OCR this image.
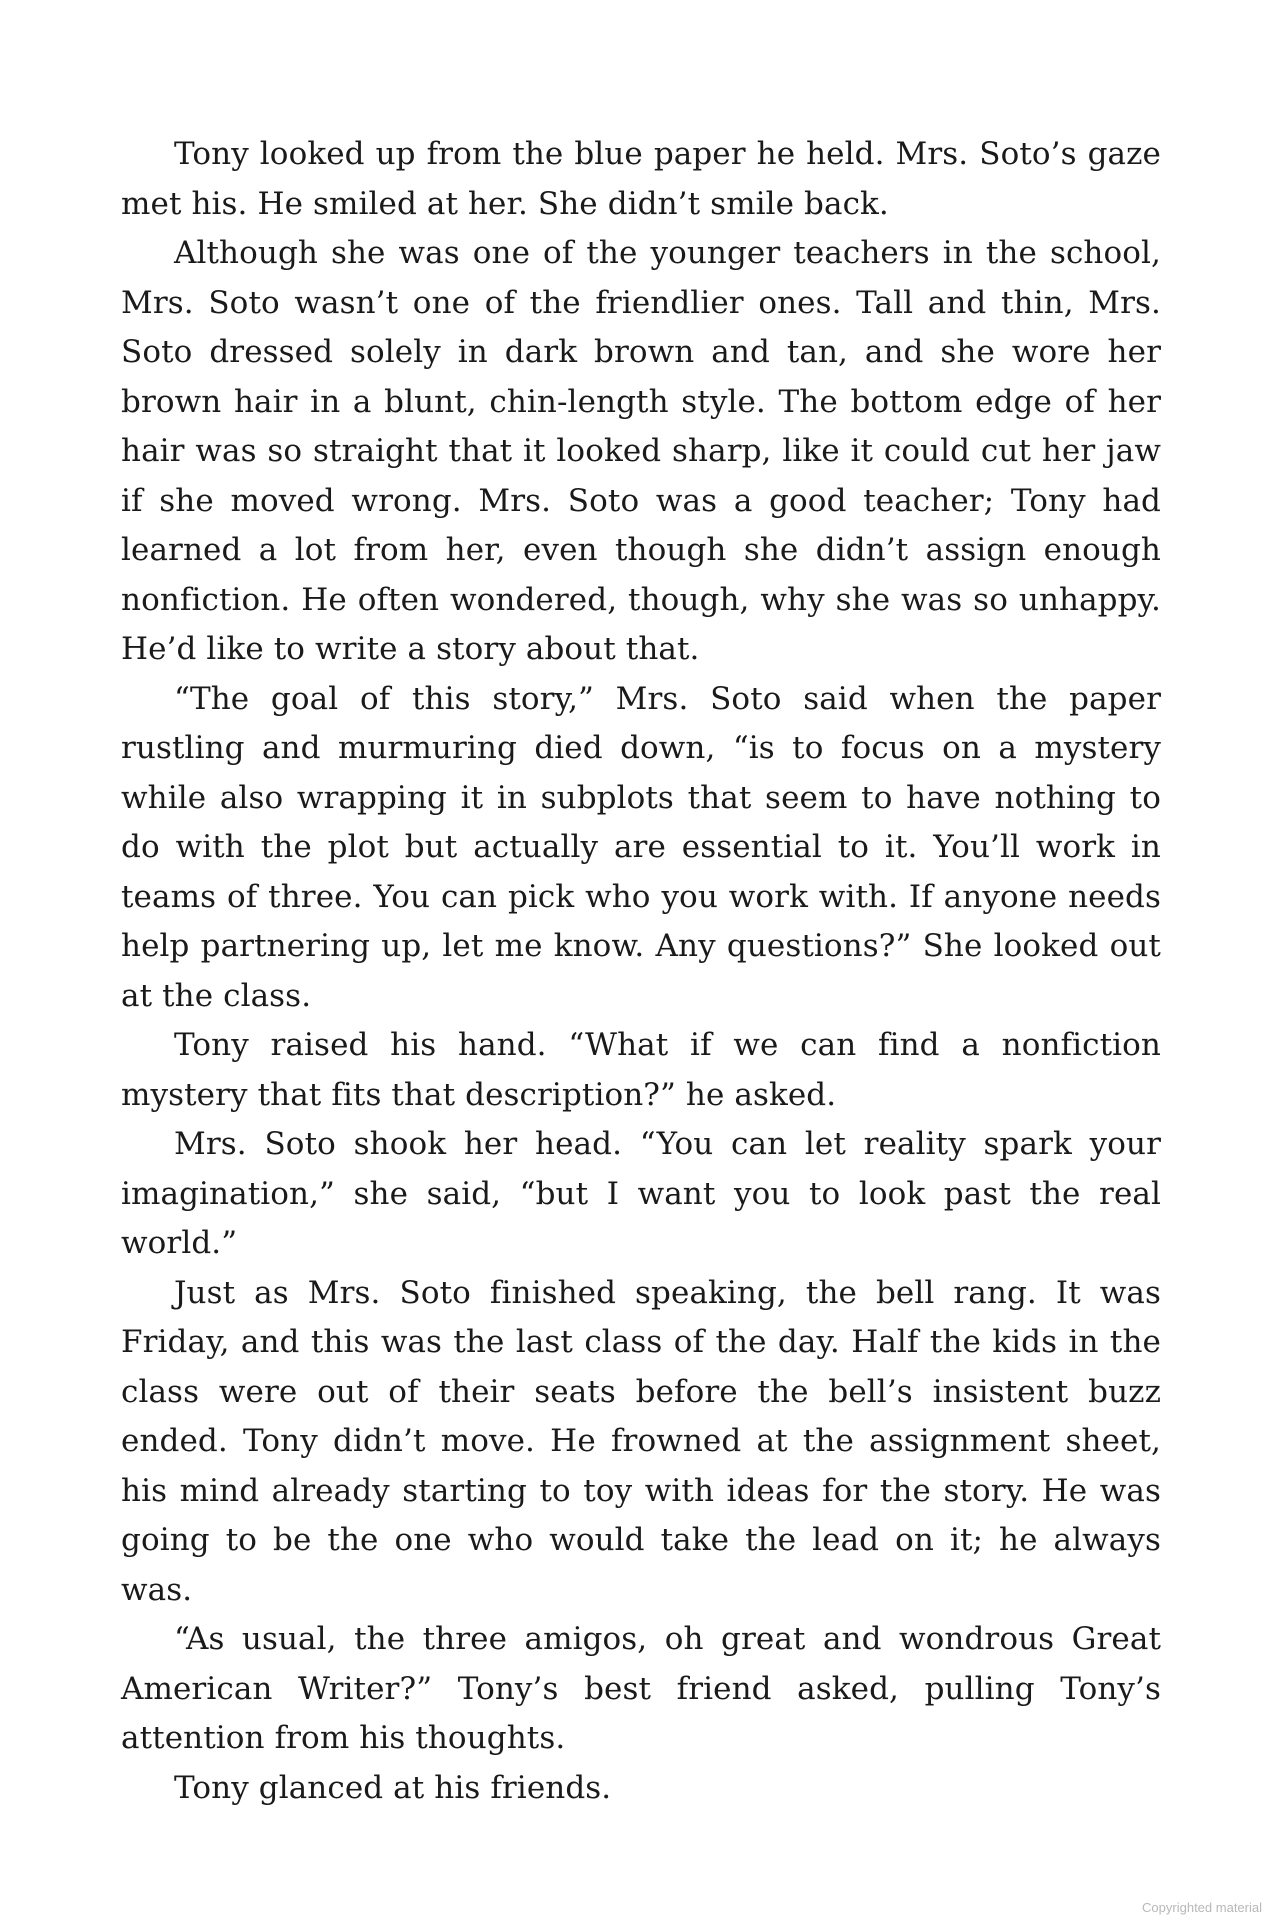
Tony looked up from the blue paper he held. Mrs. Soto’s gaze met his. He smiled at her. She didn’t smile back.

Although she was one of the younger teachers in the school, Mrs. Soto wasn’t one of the friendlier ones. Tall and thin, Mrs. Soto dressed solely in dark brown and tan, and she wore her brown hair in a blunt, chin-length style. The bottom edge of her hair was so straight that it looked sharp, like it could cut her jaw if she moved wrong. Mrs. Soto was a good teacher; Tony had learned a lot from her, even though she didn’t assign enough nonfiction. He often wondered, though, why she was so unhappy. He’d like to write a story about that.

“The goal of this story,” Mrs. Soto said when the paper rustling and murmuring died down, “is to focus on a mystery while also wrapping it in subplots that seem to have nothing to do with the plot but actually are essential to it. You’ll work in teams of three. You can pick who you work with. If anyone needs help partnering up, let me know. Any questions?” She looked out at the class.

Tony raised his hand. “What if we can find a nonfiction mystery that fits that description?” he asked.

Mrs. Soto shook her head. “You can let reality spark your imagination,” she said, “but I want you to look past the real world.”

Just as Mrs. Soto finished speaking, the bell rang. It was Friday, and this was the last class of the day. Half the kids in the class were out of their seats before the bell’s insistent buzz ended. Tony didn’t move. He frowned at the assignment sheet, his mind already starting to toy with ideas for the story. He was going to be the one who would take the lead on it; he always was.

“As usual, the three amigos, oh great and wondrous Great American Writer?” Tony’s best friend asked, pulling Tony’s attention from his thoughts.

Tony glanced at his friends.

Copyrighted material
